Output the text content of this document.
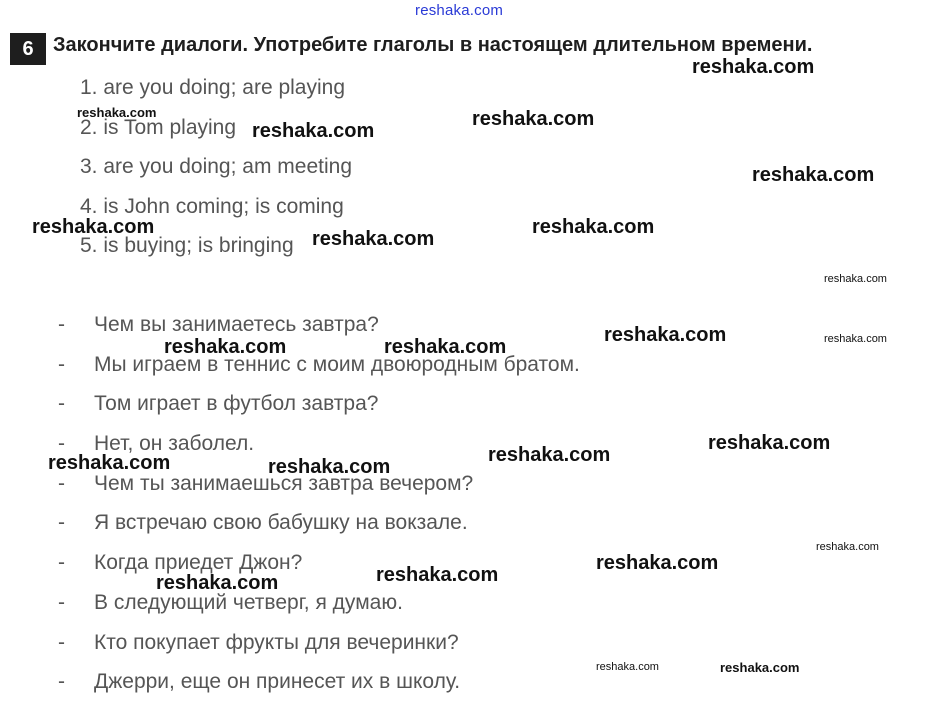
reshaka.com
6 Закончите диалоги. Употребите глаголы в настоящем длительном времени.
1. are you doing; are playing
2. is Tom playing
3. are you doing; am meeting
4. is John coming; is coming
5. is buying; is bringing
- Чем вы занимаетесь завтра?
- Мы играем в теннис с моим двоюродным братом.
- Том играет в футбол завтра?
- Нет, он заболел.
- Чем ты занимаешься завтра вечером?
- Я встречаю свою бабушку на вокзале.
- Когда приедет Джон?
- В следующий четверг, я думаю.
- Кто покупает фрукты для вечеринки?
- Джерри, еще он принесет их в школу.
reshaka.com
reshaka.com	reshaka.com
reshaka.com
reshaka.com
reshaka.com	reshaka.com
reshaka.com
reshaka.com
reshaka.com	reshaka.com
reshaka.com	reshaka.com
reshaka.com
reshaka.com
reshaka.com	reshaka.com
reshaka.com
reshaka.com
reshaka.com
reshaka.com
reshaka.com	reshaka.com
